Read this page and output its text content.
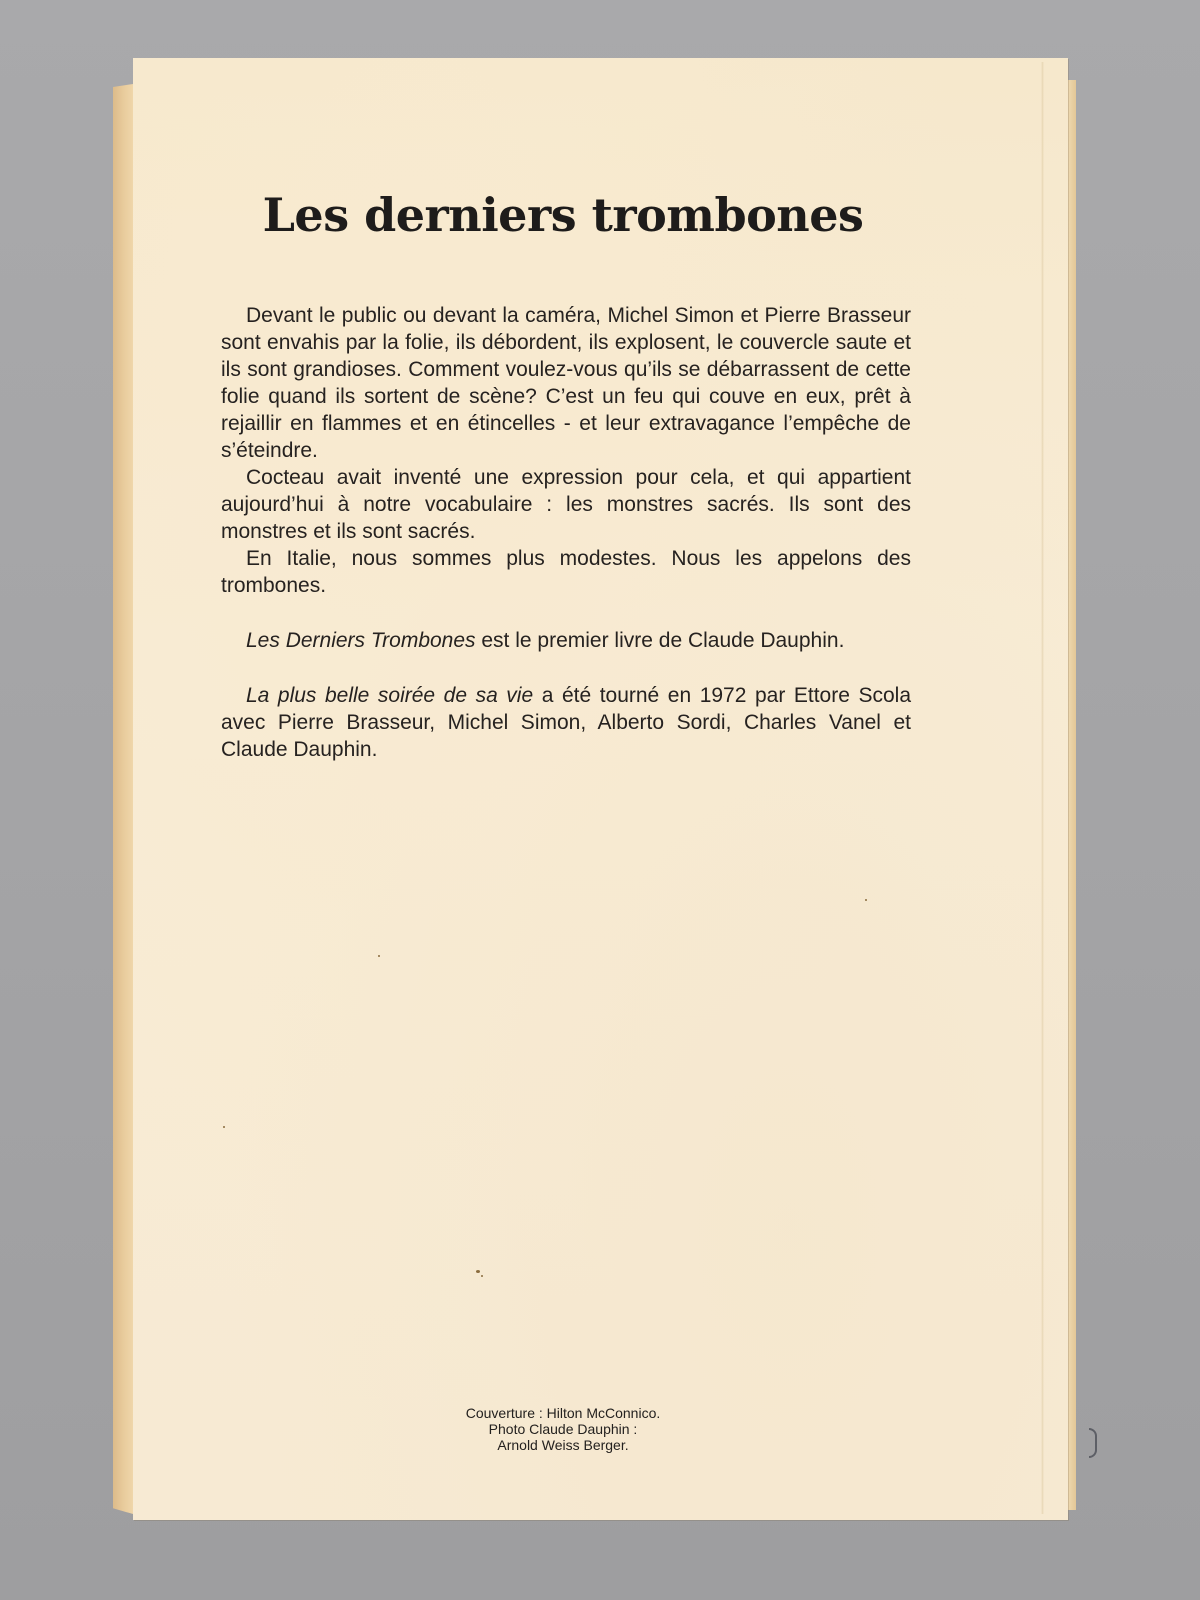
Les derniers trombones

Devant le public ou devant la caméra, Michel Simon et Pierre Brasseur sont envahis par la folie, ils débordent, ils explosent, le couvercle saute et ils sont grandioses. Comment voulez-vous qu’ils se débarrassent de cette folie quand ils sortent de scène? C’est un feu qui couve en eux, prêt à rejaillir en flammes et en étincelles - et leur extravagance l’empêche de s’éteindre.

Cocteau avait inventé une expression pour cela, et qui appartient aujourd’hui à notre vocabulaire : les monstres sacrés. Ils sont des monstres et ils sont sacrés.

En Italie, nous sommes plus modestes. Nous les appelons des trombones.

Les Derniers Trombones est le premier livre de Claude Dauphin.

La plus belle soirée de sa vie a été tourné en 1972 par Ettore Scola avec Pierre Brasseur, Michel Simon, Alberto Sordi, Charles Vanel et Claude Dauphin.

Couverture : Hilton McConnico.
Photo Claude Dauphin :
Arnold Weiss Berger.
